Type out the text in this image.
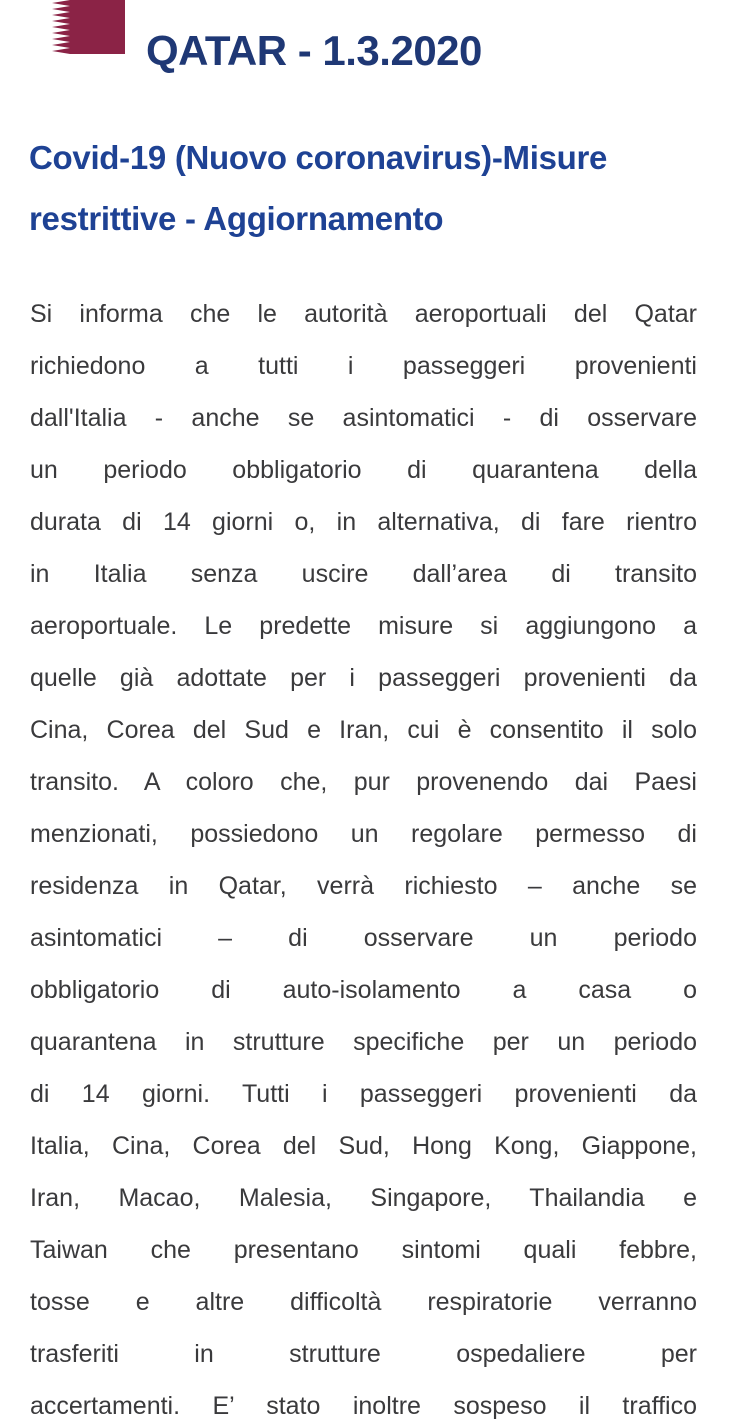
QATAR - 1.3.2020
Covid-19 (Nuovo coronavirus)-Misure
restrittive - Aggiornamento
Si informa che le autorità aeroportuali del Qatar
richiedono a tutti i passeggeri provenienti
dall'Italia - anche se asintomatici - di osservare
un periodo obbligatorio di quarantena della
durata di 14 giorni o, in alternativa, di fare rientro
in Italia senza uscire dall’area di transito
aeroportuale. Le predette misure si aggiungono a
quelle già adottate per i passeggeri provenienti da
Cina, Corea del Sud e Iran, cui è consentito il solo
transito. A coloro che, pur provenendo dai Paesi
menzionati, possiedono un regolare permesso di
residenza in Qatar, verrà richiesto – anche se
asintomatici – di osservare un periodo
obbligatorio di auto-isolamento a casa o
quarantena in strutture specifiche per un periodo
di 14 giorni. Tutti i passeggeri provenienti da
Italia, Cina, Corea del Sud, Hong Kong, Giappone,
Iran, Macao, Malesia, Singapore, Thailandia e
Taiwan che presentano sintomi quali febbre,
tosse e altre difficoltà respiratorie verranno
trasferiti in strutture ospedaliere per
accertamenti. E’ stato inoltre sospeso il traffico
